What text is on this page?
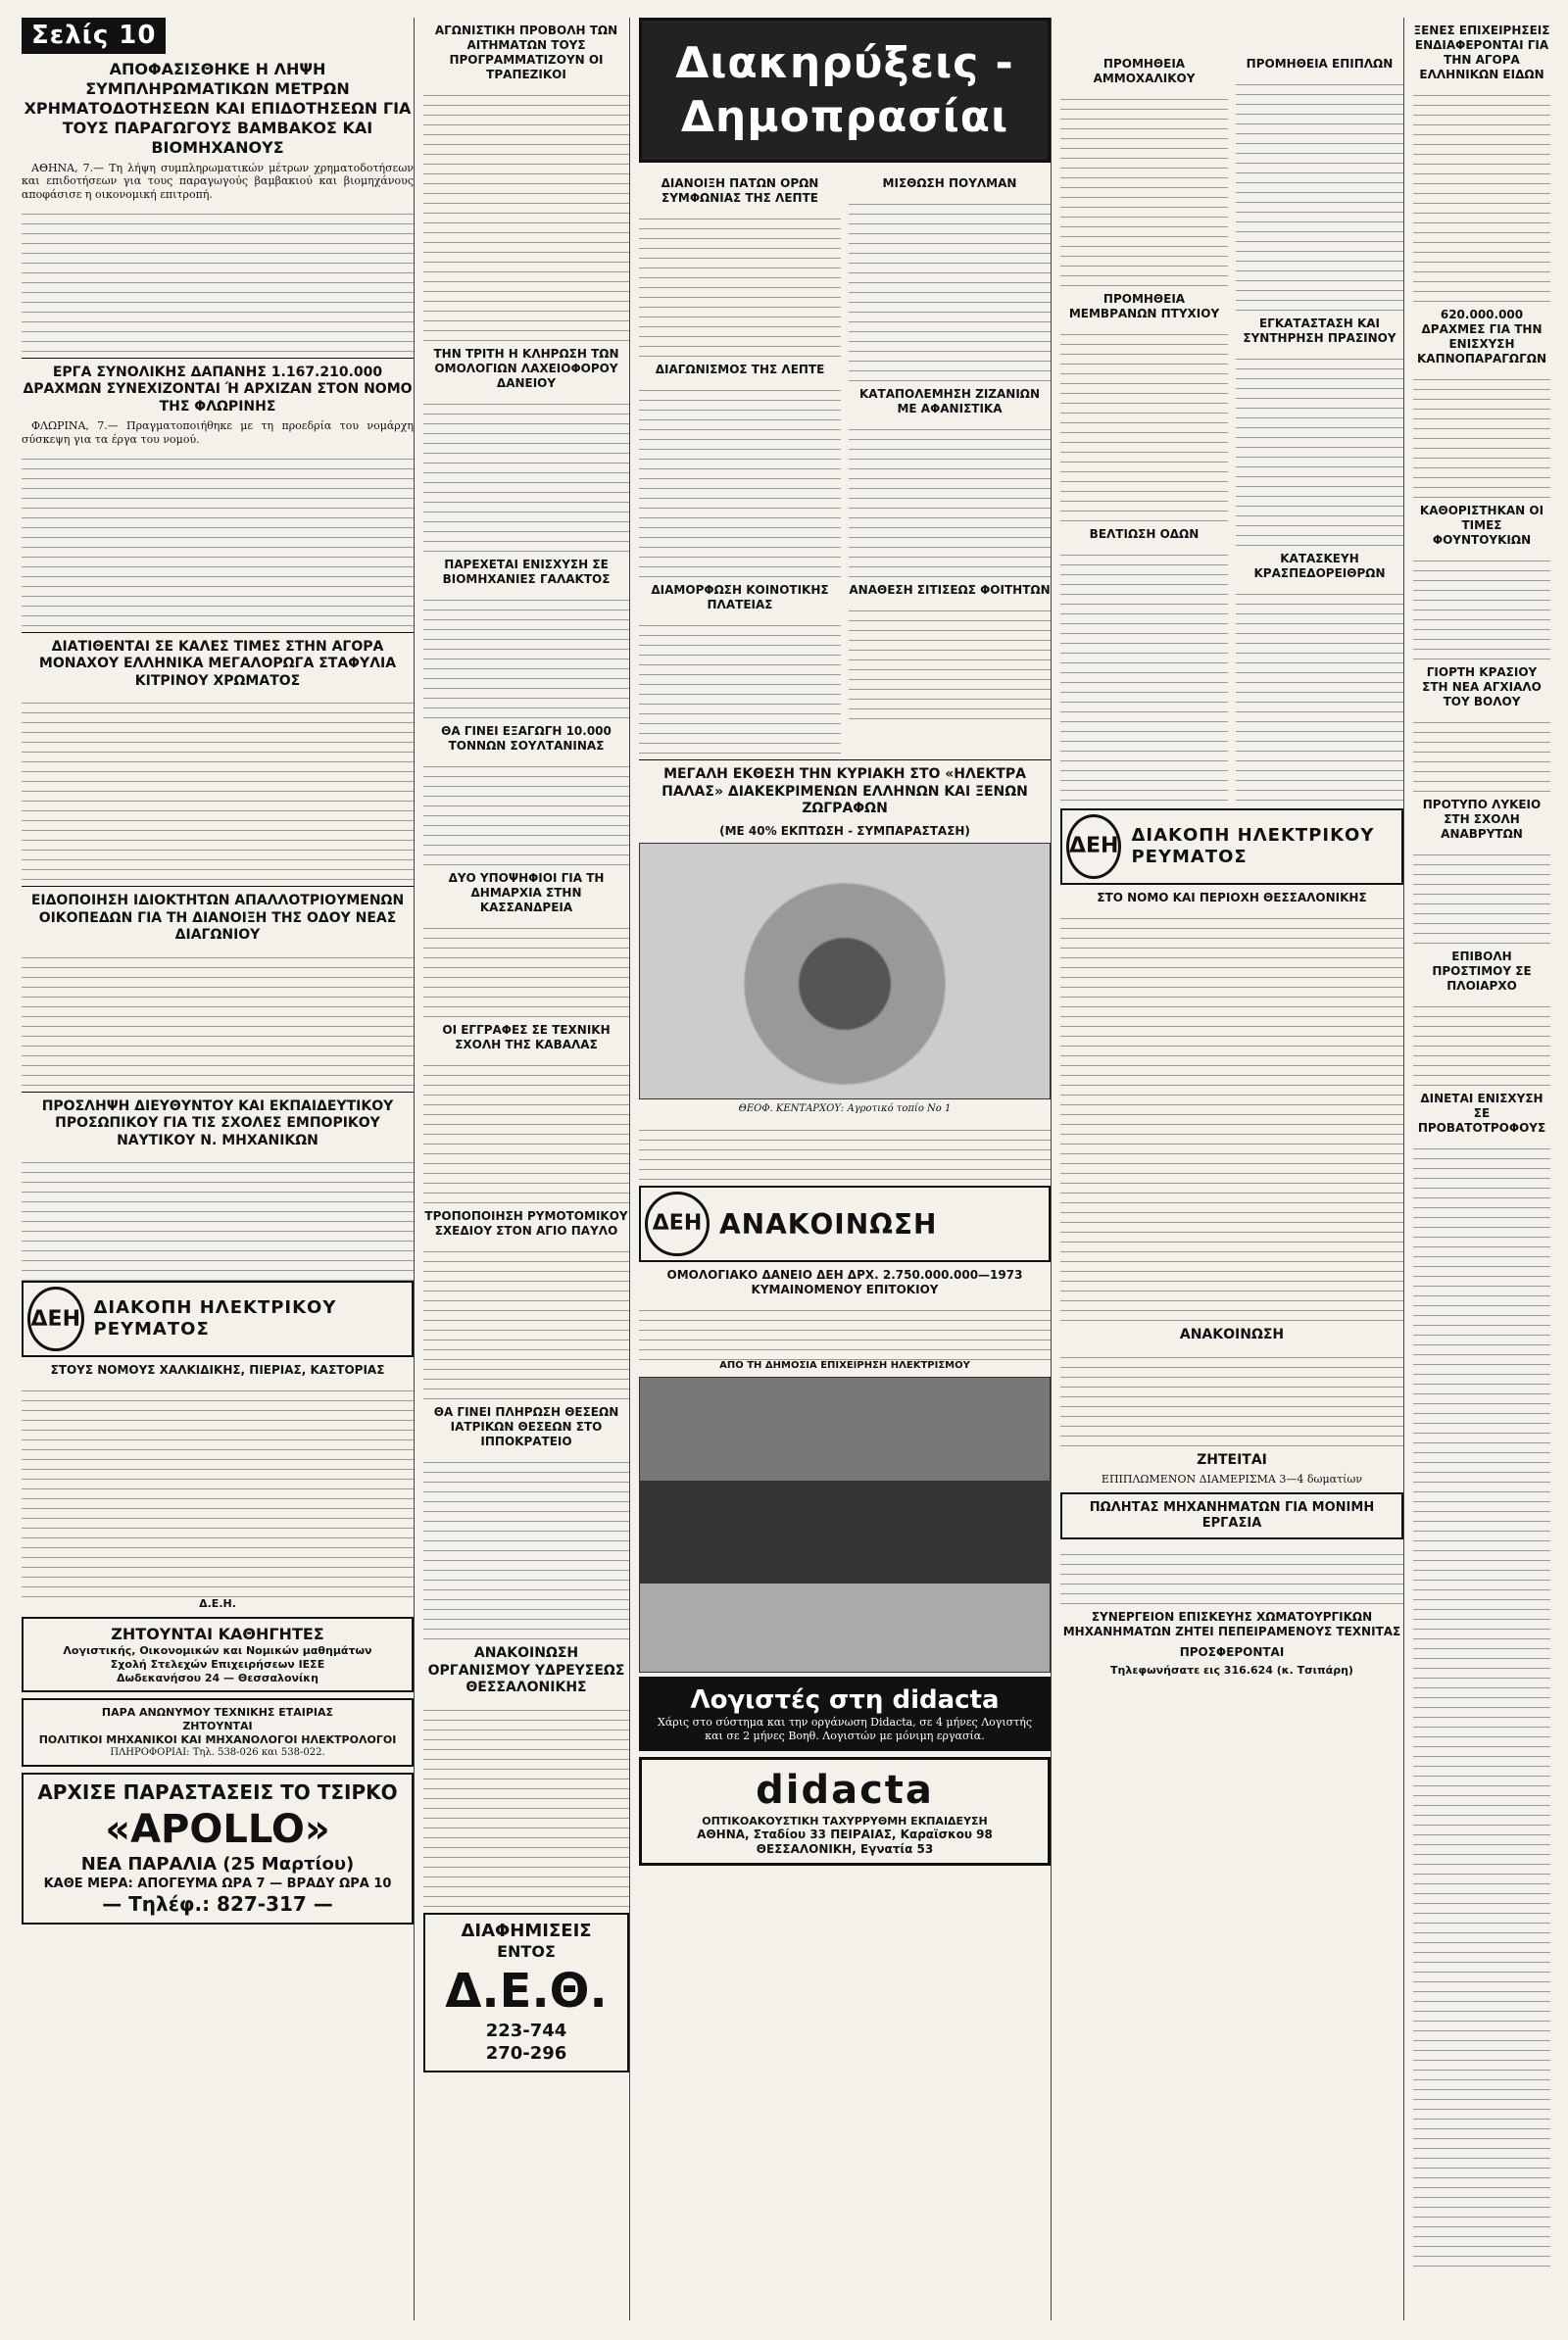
Σελίς 10
ΑΠΟΦΑΣΙΣΘΗΚΕ Η ΛΗΨΗ ΣΥΜΠΛΗΡΩΜΑΤΙΚΩΝ ΜΕΤΡΩΝ ΧΡΗΜΑΤΟΔΟΤΗΣΕΩΝ ΚΑΙ ΕΠΙΔΟΤΗΣΕΩΝ ΓΙΑ ΤΟΥΣ ΠΑΡΑΓΩΓΟΥΣ ΒΑΜΒΑΚΟΣ ΚΑΙ ΒΙΟΜΗΧΑΝΟΥΣ

ΑΘΗΝΑ, 7.— Τη λήψη συμπληρωματικών μέτρων χρηματοδοτήσεων και επιδοτήσεων για τους παραγωγούς βαμβακιού και βιομηχάνους αποφάσισε η οικονομική επιτροπή.

ΕΡΓΑ ΣΥΝΟΛΙΚΗΣ ΔΑΠΑΝΗΣ 1.167.210.000 ΔΡΑΧΜΩΝ ΣΥΝΕΧΙΖΟΝΤΑΙ Ή ΑΡΧΙΖΑΝ ΣΤΟΝ ΝΟΜΟ ΤΗΣ ΦΛΩΡΙΝΗΣ

ΦΛΩΡΙΝΑ, 7.— Πραγματοποιήθηκε με τη προεδρία του νομάρχη σύσκεψη για τα έργα του νομού.

ΔΙΑΤΙΘΕΝΤΑΙ ΣΕ ΚΑΛΕΣ ΤΙΜΕΣ ΣΤΗΝ ΑΓΟΡΑ ΜΟΝΑΧΟΥ ΕΛΛΗΝΙΚΑ ΜΕΓΑΛΟΡΩΓΑ ΣΤΑΦΥΛΙΑ ΚΙΤΡΙΝΟΥ ΧΡΩΜΑΤΟΣ
ΕΙΔΟΠΟΙΗΣΗ ΙΔΙΟΚΤΗΤΩΝ ΑΠΑΛΛΟΤΡΙΟΥΜΕΝΩΝ ΟΙΚΟΠΕΔΩΝ ΓΙΑ ΤΗ ΔΙΑΝΟΙΞΗ ΤΗΣ ΟΔΟΥ ΝΕΑΣ ΔΙΑΓΩΝΙΟΥ
ΠΡΟΣΛΗΨΗ ΔΙΕΥΘΥΝΤΟΥ ΚΑΙ ΕΚΠΑΙΔΕΥΤΙΚΟΥ ΠΡΟΣΩΠΙΚΟΥ ΓΙΑ ΤΙΣ ΣΧΟΛΕΣ ΕΜΠΟΡΙΚΟΥ ΝΑΥΤΙΚΟΥ Ν. ΜΗΧΑΝΙΚΩΝ
ΔΕΗ ΔΙΑΚΟΠΗ ΗΛΕΚΤΡΙΚΟΥ ΡΕΥΜΑΤΟΣ
ΣΤΟΥΣ ΝΟΜΟΥΣ ΧΑΛΚΙΔΙΚΗΣ, ΠΙΕΡΙΑΣ, ΚΑΣΤΟΡΙΑΣ
Δ.Ε.Η.
ΖΗΤΟΥΝΤΑΙ ΚΑΘΗΓΗΤΕΣ
Λογιστικής, Οικονομικών και Νομικών μαθημάτων
Σχολή Στελεχών Επιχειρήσεων ΙΕΣΕ
Δωδεκανήσου 24 — Θεσσαλονίκη
ΠΑΡΑ ΑΝΩΝΥΜΟΥ ΤΕΧΝΙΚΗΣ ΕΤΑΙΡΙΑΣ
ΖΗΤΟΥΝΤΑΙ
ΠΟΛΙΤΙΚΟΙ ΜΗΧΑΝΙΚΟΙ ΚΑΙ ΜΗΧΑΝΟΛΟΓΟΙ ΗΛΕΚΤΡΟΛΟΓΟΙ
ΠΛΗΡΟΦΟΡΙΑΙ: Τηλ. 538-026 και 538-022.
ΑΡΧΙΣΕ ΠΑΡΑΣΤΑΣΕΙΣ ΤΟ ΤΣΙΡΚΟ
«APOLLO»
ΝΕΑ ΠΑΡΑΛΙΑ (25 Μαρτίου)
ΚΑΘΕ ΜΕΡΑ: ΑΠΟΓΕΥΜΑ ΩΡΑ 7 — ΒΡΑΔΥ ΩΡΑ 10
— Τηλέφ.: 827-317 —
ΑΓΩΝΙΣΤΙΚΗ ΠΡΟΒΟΛΗ ΤΩΝ ΑΙΤΗΜΑΤΩΝ ΤΟΥΣ ΠΡΟΓΡΑΜΜΑΤΙΖΟΥΝ ΟΙ ΤΡΑΠΕΖΙΚΟΙ
ΤΗΝ ΤΡΙΤΗ Η ΚΛΗΡΩΣΗ ΤΩΝ ΟΜΟΛΟΓΙΩΝ ΛΑΧΕΙΟΦΟΡΟΥ ΔΑΝΕΙΟΥ
ΠΑΡΕΧΕΤΑΙ ΕΝΙΣΧΥΣΗ ΣΕ ΒΙΟΜΗΧΑΝΙΕΣ ΓΑΛΑΚΤΟΣ
ΘΑ ΓΙΝΕΙ ΕΞΑΓΩΓΗ 10.000 ΤΟΝΝΩΝ ΣΟΥΛΤΑΝΙΝΑΣ
ΔΥΟ ΥΠΟΨΗΦΙΟΙ ΓΙΑ ΤΗ ΔΗΜΑΡΧΙΑ ΣΤΗΝ ΚΑΣΣΑΝΔΡΕΙΑ
ΟΙ ΕΓΓΡΑΦΕΣ ΣΕ ΤΕΧΝΙΚΗ ΣΧΟΛΗ ΤΗΣ ΚΑΒΑΛΑΣ
ΤΡΟΠΟΠΟΙΗΣΗ ΡΥΜΟΤΟΜΙΚΟΥ ΣΧΕΔΙΟΥ ΣΤΟΝ ΑΓΙΟ ΠΑΥΛΟ
ΘΑ ΓΙΝΕΙ ΠΛΗΡΩΣΗ ΘΕΣΕΩΝ ΙΑΤΡΙΚΩΝ ΘΕΣΕΩΝ ΣΤΟ ΙΠΠΟΚΡΑΤΕΙΟ
ΑΝΑΚΟΙΝΩΣΗ ΟΡΓΑΝΙΣΜΟΥ ΥΔΡΕΥΣΕΩΣ ΘΕΣΣΑΛΟΝΙΚΗΣ
ΔΙΑΦΗΜΙΣΕΙΣ
ΕΝΤΟΣ
Δ.Ε.Θ.
223-744
270-296
Διακηρύξεις - Δημοπρασίαι
ΔΙΑΝΟΙΞΗ ΠΑΤΩΝ ΟΡΩΝ ΣΥΜΦΩΝΙΑΣ ΤΗΣ ΛΕΠΤΕ
ΔΙΑΓΩΝΙΣΜΟΣ ΤΗΣ ΛΕΠΤΕ
ΔΙΑΜΟΡΦΩΣΗ ΚΟΙΝΟΤΙΚΗΣ ΠΛΑΤΕΙΑΣ
ΜΙΣΘΩΣΗ ΠΟΥΛΜΑΝ
ΚΑΤΑΠΟΛΕΜΗΣΗ ΖΙΖΑΝΙΩΝ ΜΕ ΑΦΑΝΙΣΤΙΚΑ
ΑΝΑΘΕΣΗ ΣΙΤΙΣΕΩΣ ΦΟΙΤΗΤΩΝ
ΜΕΓΑΛΗ ΕΚΘΕΣΗ ΤΗΝ ΚΥΡΙΑΚΗ ΣΤΟ «ΗΛΕΚΤΡΑ ΠΑΛΑΣ» ΔΙΑΚΕΚΡΙΜΕΝΩΝ ΕΛΛΗΝΩΝ ΚΑΙ ΞΕΝΩΝ ΖΩΓΡΑΦΩΝ
(ΜΕ 40% ΕΚΠΤΩΣΗ - ΣΥΜΠΑΡΑΣΤΑΣΗ)
ΘΕΟΦ. ΚΕΝΤΑΡΧΟΥ: Αγροτικό τοπίο Νο 1
ΔΕΗ ΑΝΑΚΟΙΝΩΣΗ
ΟΜΟΛΟΓΙΑΚΟ ΔΑΝΕΙΟ ΔΕΗ ΔΡΧ. 2.750.000.000—1973 ΚΥΜΑΙΝΟΜΕΝΟΥ ΕΠΙΤΟΚΙΟΥ
ΑΠΟ ΤΗ ΔΗΜΟΣΙΑ ΕΠΙΧΕΙΡΗΣΗ ΗΛΕΚΤΡΙΣΜΟΥ
Λογιστές στη didacta
Χάρις στο σύστημα και την οργάνωση Didacta, σε 4 μήνες Λογιστής και σε 2 μήνες Βοηθ. Λογιστών με μόνιμη εργασία.
didacta
ΟΠΤΙΚΟΑΚΟΥΣΤΙΚΗ ΤΑΧΥΡΡΥΘΜΗ ΕΚΠΑΙΔΕΥΣΗ
ΑΘΗΝΑ, Σταδίου 33 ΠΕΙΡΑΙΑΣ, Καραϊσκου 98
ΘΕΣΣΑΛΟΝΙΚΗ, Εγνατία 53
ΠΡΟΜΗΘΕΙΑ ΑΜΜΟΧΑΛΙΚΟΥ
ΠΡΟΜΗΘΕΙΑ ΜΕΜΒΡΑΝΩΝ ΠΤΥΧΙΟΥ
ΒΕΛΤΙΩΣΗ ΟΔΩΝ
ΠΡΟΜΗΘΕΙΑ ΕΠΙΠΛΩΝ
ΕΓΚΑΤΑΣΤΑΣΗ ΚΑΙ ΣΥΝΤΗΡΗΣΗ ΠΡΑΣΙΝΟΥ
ΚΑΤΑΣΚΕΥΗ ΚΡΑΣΠΕΔΟΡΕΙΘΡΩΝ
ΔΕΗ ΔΙΑΚΟΠΗ ΗΛΕΚΤΡΙΚΟΥ ΡΕΥΜΑΤΟΣ
ΣΤΟ ΝΟΜΟ ΚΑΙ ΠΕΡΙΟΧΗ ΘΕΣΣΑΛΟΝΙΚΗΣ
ΑΝΑΚΟΙΝΩΣΗ
ΖΗΤΕΙΤΑΙ
ΕΠΙΠΛΩΜΕΝΟΝ ΔΙΑΜΕΡΙΣΜΑ 3—4 δωματίων
ΠΩΛΗΤΑΣ ΜΗΧΑΝΗΜΑΤΩΝ ΓΙΑ ΜΟΝΙΜΗ ΕΡΓΑΣΙΑ
ΣΥΝΕΡΓΕΙΟΝ ΕΠΙΣΚΕΥΗΣ ΧΩΜΑΤΟΥΡΓΙΚΩΝ ΜΗΧΑΝΗΜΑΤΩΝ ΖΗΤΕΙ ΠΕΠΕΙΡΑΜΕΝΟΥΣ ΤΕΧΝΙΤΑΣ
ΠΡΟΣΦΕΡΟΝΤΑΙ
Τηλεφωνήσατε εις 316.624 (κ. Τσιπάρη)
ΞΕΝΕΣ ΕΠΙΧΕΙΡΗΣΕΙΣ ΕΝΔΙΑΦΕΡΟΝΤΑΙ ΓΙΑ ΤΗΝ ΑΓΟΡΑ ΕΛΛΗΝΙΚΩΝ ΕΙΔΩΝ
620.000.000 ΔΡΑΧΜΕΣ ΓΙΑ ΤΗΝ ΕΝΙΣΧΥΣΗ ΚΑΠΝΟΠΑΡΑΓΩΓΩΝ
ΚΑΘΟΡΙΣΤΗΚΑΝ ΟΙ ΤΙΜΕΣ ΦΟΥΝΤΟΥΚΙΩΝ
ΓΙΟΡΤΗ ΚΡΑΣΙΟΥ ΣΤΗ ΝΕΑ ΑΓΧΙΑΛΟ ΤΟΥ ΒΟΛΟΥ
ΠΡΟΤΥΠΟ ΛΥΚΕΙΟ ΣΤΗ ΣΧΟΛΗ ΑΝΑΒΡΥΤΩΝ
ΕΠΙΒΟΛΗ ΠΡΟΣΤΙΜΟΥ ΣΕ ΠΛΟΙΑΡΧΟ
ΔΙΝΕΤΑΙ ΕΝΙΣΧΥΣΗ ΣΕ ΠΡΟΒΑΤΟΤΡΟΦΟΥΣ
